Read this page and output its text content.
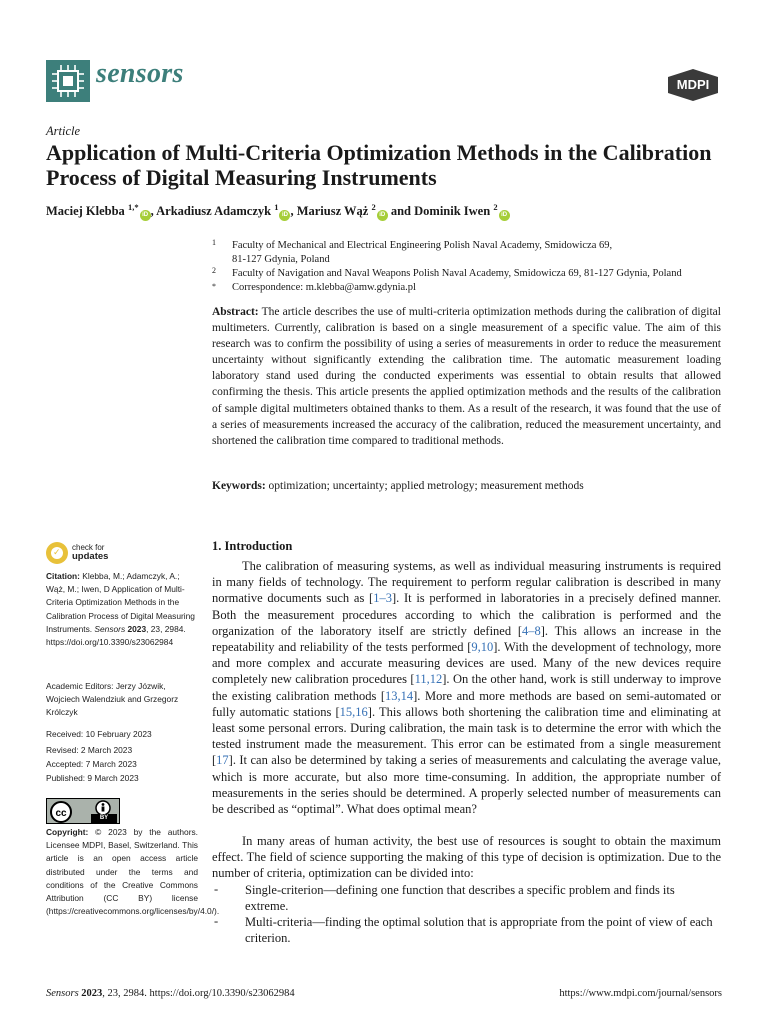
sensors	MDPI
Article
Application of Multi-Criteria Optimization Methods in the Calibration Process of Digital Measuring Instruments
Maciej Klebba $^{1,*}$iD , Arkadiusz Adamczyk $^1$iD , Mariusz Wąż $^2$iD and Dominik Iwen $^2$iD
1 Faculty of Mechanical and Electrical Engineering Polish Naval Academy, Smidowicza 69,
81-127 Gdynia, Poland
2 Faculty of Navigation and Naval Weapons Polish Naval Academy, Smidowicza 69, 81-127 Gdynia, Poland
* Correspondence: m.klebba@amw.gdynia.pl
Abstract: The article describes the use of multi-criteria optimization methods during the calibration of digital multimeters. Currently, calibration is based on a single measurement of a specific value. The aim of this research was to confirm the possibility of using a series of measurements in order to reduce the measurement uncertainty without significantly extending the calibration time. The automatic measurement loading laboratory stand used during the conducted experiments was essential to obtain results that allowed confirming the thesis. This article presents the applied optimization methods and the results of the calibration of sample digital multimeters obtained thanks to them. As a result of the research, it was found that the use of a series of measurements increased the accuracy of the calibration, reduced the measurement uncertainty, and shortened the calibration time compared to traditional methods.
Keywords: optimization; uncertainty; applied metrology; measurement methods
✓
check for
updates
Citation: Klebba, M.; Adamczyk, A.; Wąż, M.; Iwen, D Application of Multi-Criteria Optimization Methods in the Calibration Process of Digital Measuring Instruments. Sensors 2023, 23, 2984. https://doi.org/10.3390/s23062984
Academic Editors: Jerzy Józwik, Wojciech Walendziuk and Grzegorz Królczyk
Received: 10 February 2023
Revised: 2 March 2023
Accepted: 7 March 2023
Published: 9 March 2023
cc	BY
Copyright: © 2023 by the authors. Licensee MDPI, Basel, Switzerland. This article is an open access article distributed under the terms and conditions of the Creative Commons Attribution (CC BY) license (https://creativecommons.org/licenses/by/4.0/).
1. Introduction
The calibration of measuring systems, as well as individual measuring instruments is required in many fields of technology. The requirement to perform regular calibration is described in many normative documents such as [1–3]. It is performed in laboratories in a precisely defined manner. Both the measurement procedures according to which the calibration is performed and the organization of the laboratory itself are strictly defined [4–8]. This allows an increase in the repeatability and reliability of the tests performed [9,10]. With the development of technology, more and more complex and accurate measuring devices are used. Many of the new devices require completely new calibration procedures [11,12]. On the other hand, work is still underway to improve the existing calibration methods [13,14]. More and more methods are based on semi-automated or fully automatic stations [15,16]. This allows both shortening the calibration time and eliminating at least some personal errors. During calibration, the main task is to determine the error with which the tested instrument made the measurement. This error can be estimated from a single measurement [17]. It can also be determined by taking a series of measurements and calculating the average value, which is more accurate, but also more time-consuming. In addition, the appropriate number of measurements in the series should be determined. A properly selected number of measurements can be described as “optimal”. What does optimal mean?
In many areas of human activity, the best use of resources is sought to obtain the maximum effect. The field of science supporting the making of this type of decision is optimization. Due to the number of criteria, optimization can be divided into:
- Single-criterion—defining one function that describes a specific problem and finds its extreme.
- Multi-criteria—finding the optimal solution that is appropriate from the point of view of each criterion.
Sensors 2023, 23, 2984. https://doi.org/10.3390/s23062984	https://www.mdpi.com/journal/sensors
